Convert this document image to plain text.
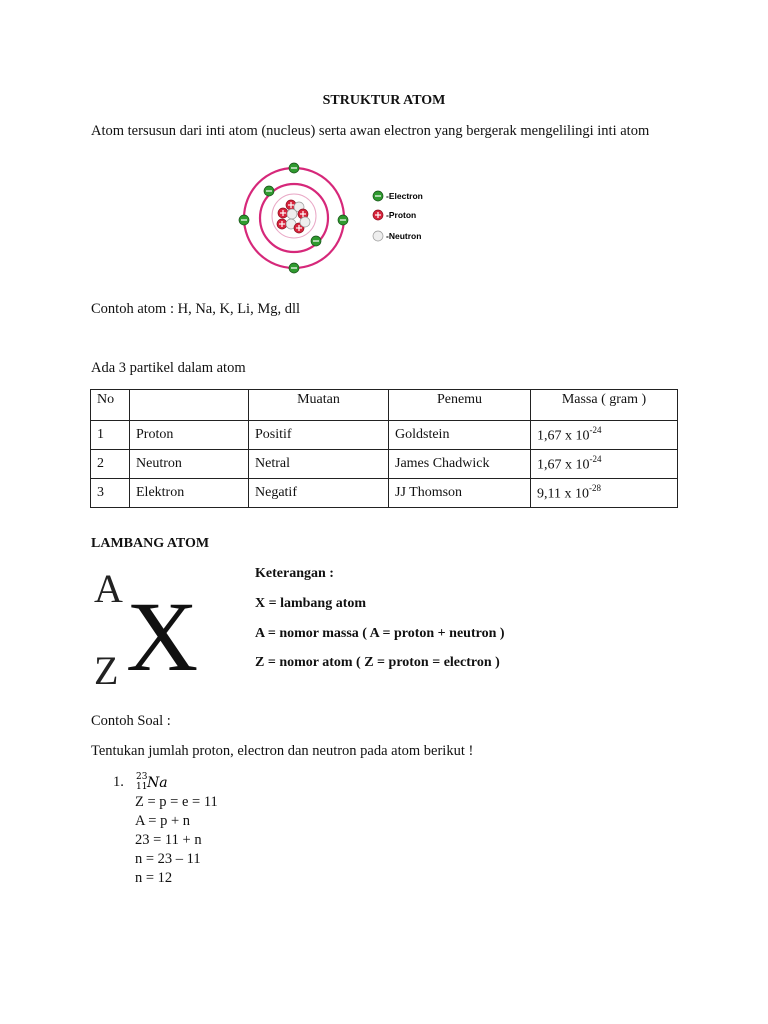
STRUKTUR ATOM
Atom tersusun dari inti atom (nucleus) serta awan electron yang bergerak mengelilingi inti atom
-Electron
-Proton
-Neutron
Contoh atom : H, Na, K, Li, Mg, dll
Ada 3 partikel dalam atom
No		Muatan	Penemu	Massa ( gram )
1	Proton	Positif	Goldstein	1,67 x $10^{-24}$
2	Neutron	Netral	James Chadwick	1,67 x $10^{-24}$
3	Elektron	Negatif	JJ Thomson	9,11 x $10^{-28}$
LAMBANG ATOM
A X
Z
Keterangan :
X = lambang atom
A = nomor massa ( A = proton + neutron )
Z = nomor atom ( Z = proton = electron )
Contoh Soal :
Tentukan jumlah proton, electron dan neutron pada atom berikut !
1. 23
11 Na
Z = p = e = 11
A = p + n
23 = 11 + n
n = 23 – 11
n = 12
